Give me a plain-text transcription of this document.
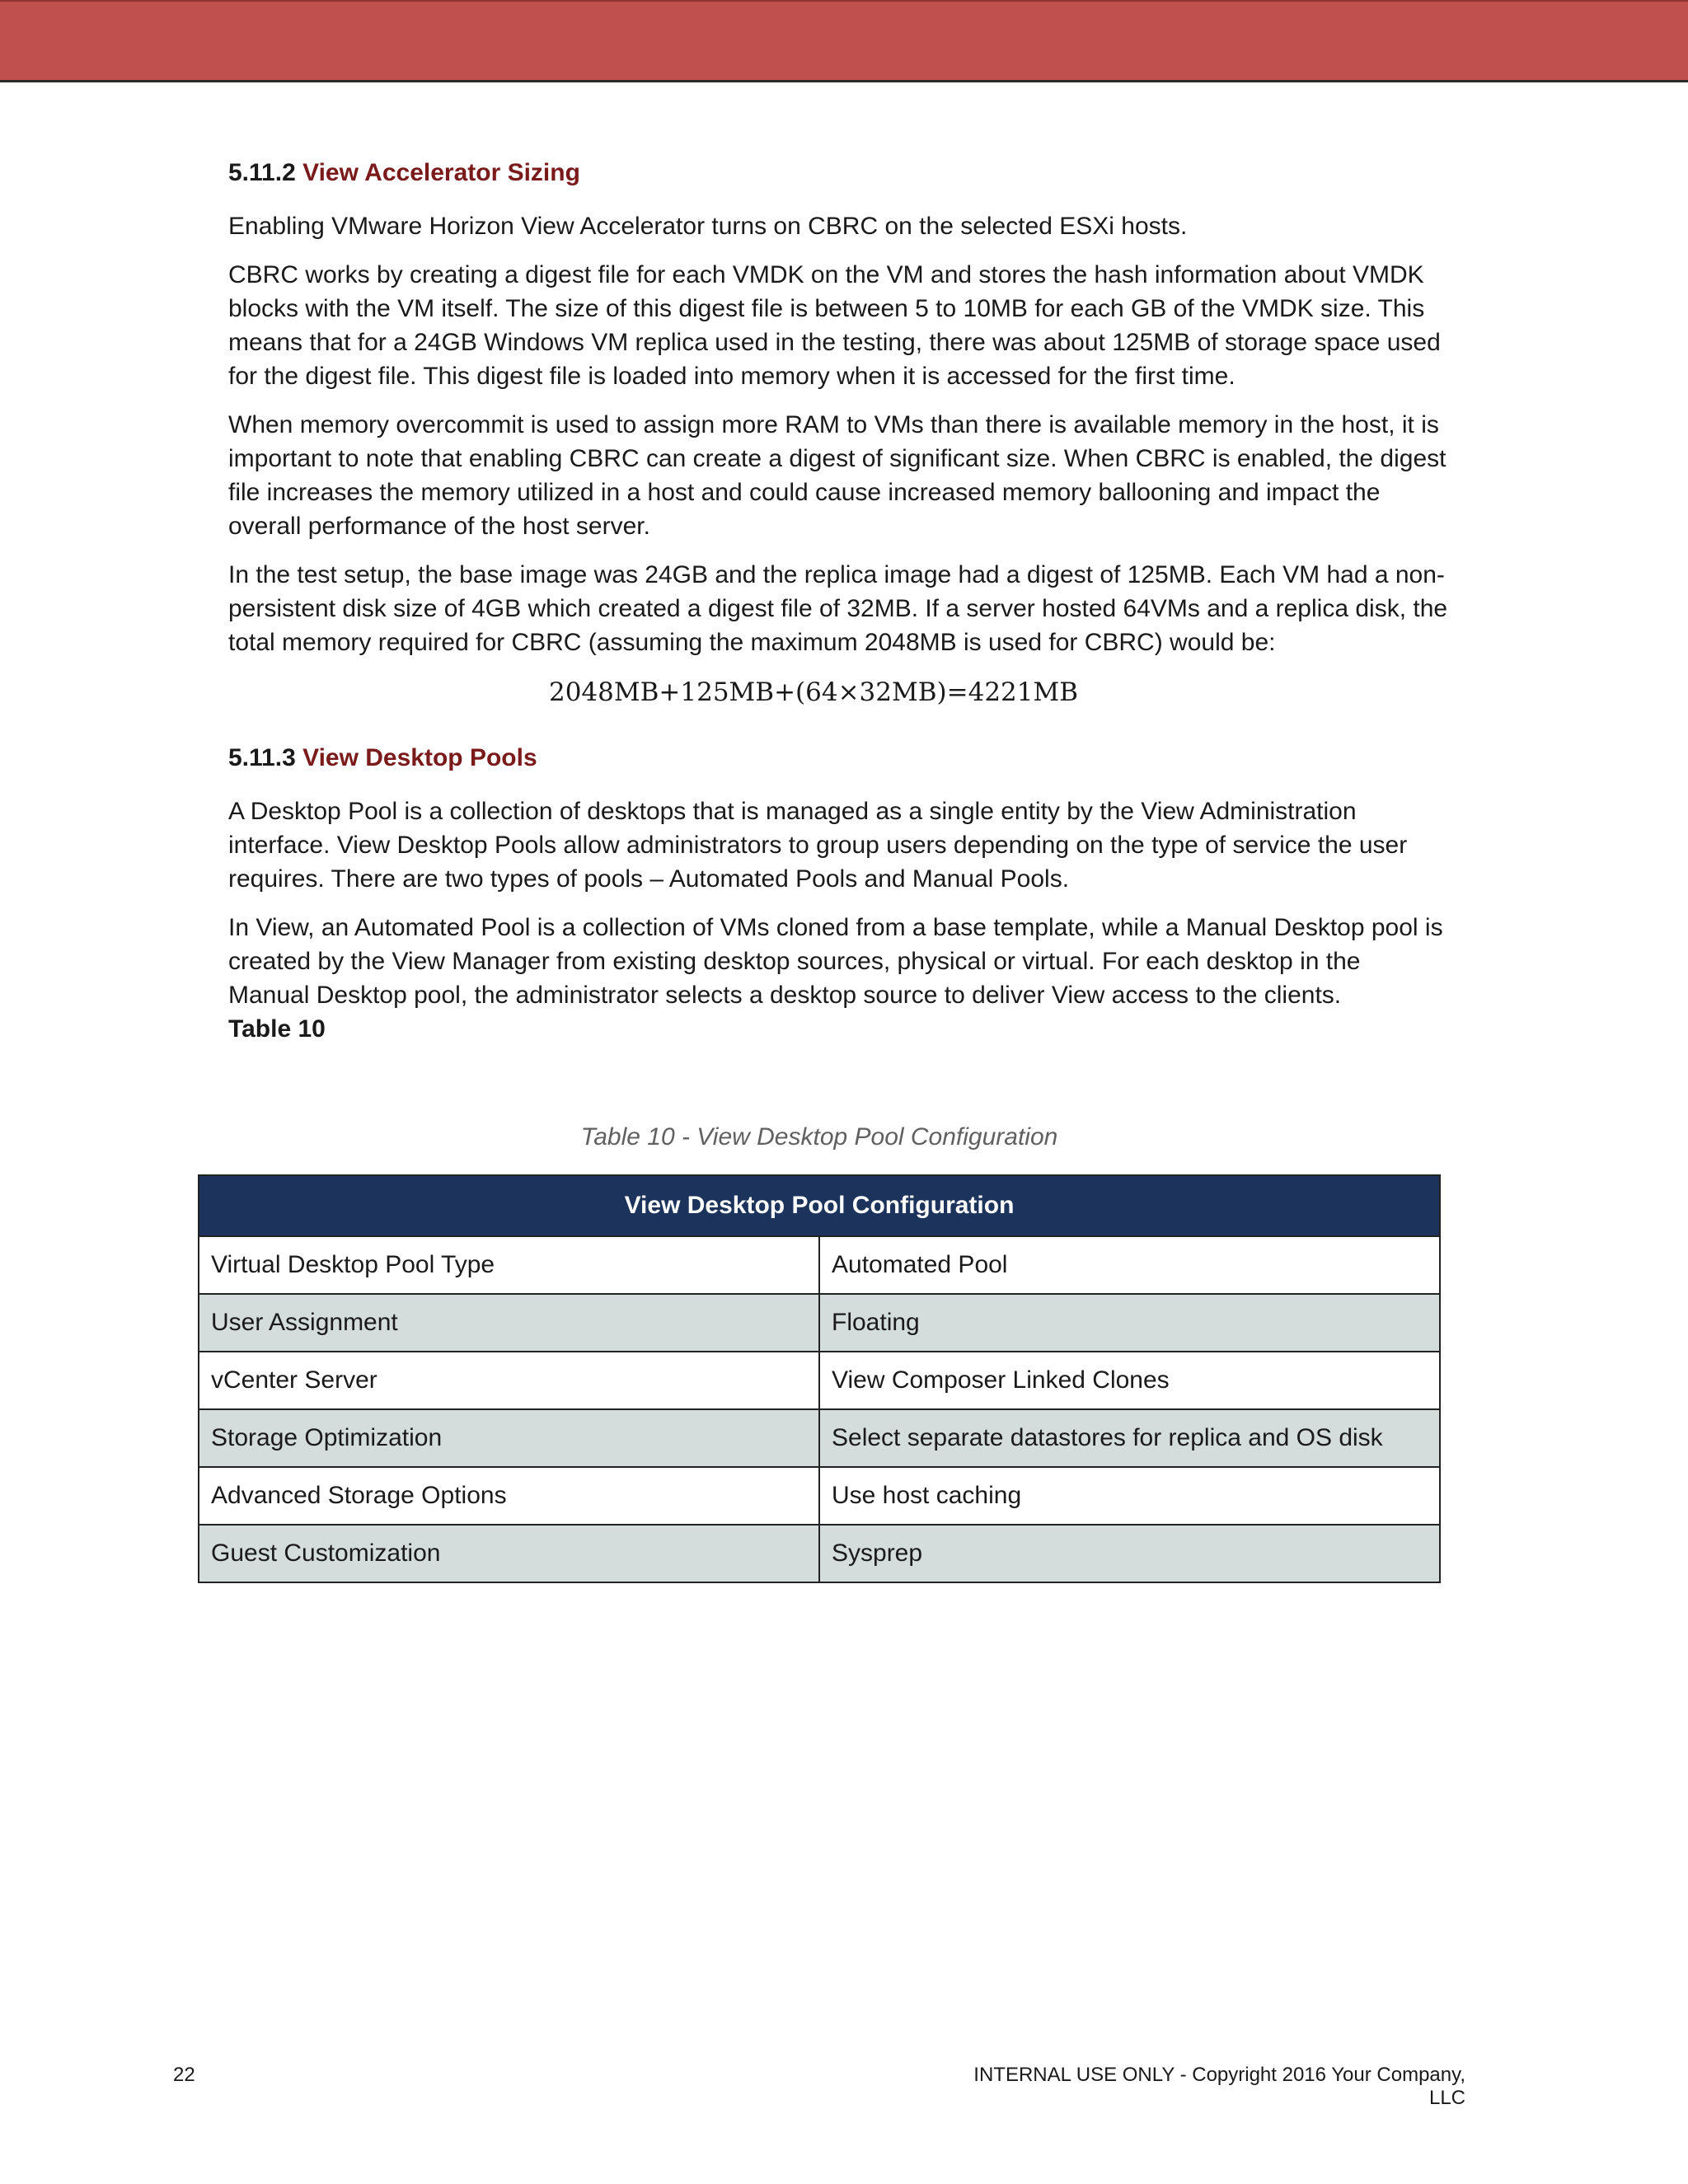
5.11.2 View Accelerator Sizing

Enabling VMware Horizon View Accelerator turns on CBRC on the selected ESXi hosts.

CBRC works by creating a digest file for each VMDK on the VM and stores the hash information about VMDK blocks with the VM itself. The size of this digest file is between 5 to 10MB for each GB of the VMDK size. This means that for a 24GB Windows VM replica used in the testing, there was about 125MB of storage space used for the digest file. This digest file is loaded into memory when it is accessed for the first time.

When memory overcommit is used to assign more RAM to VMs than there is available memory in the host, it is important to note that enabling CBRC can create a digest of significant size. When CBRC is enabled, the digest file increases the memory utilized in a host and could cause increased memory ballooning and impact the overall performance of the host server.

In the test setup, the base image was 24GB and the replica image had a digest of 125MB. Each VM had a non-persistent disk size of 4GB which created a digest file of 32MB. If a server hosted 64VMs and a replica disk, the total memory required for CBRC (assuming the maximum 2048MB is used for CBRC) would be:

2048MB+125MB+(64×32MB)=4221MB
5.11.3 View Desktop Pools

A Desktop Pool is a collection of desktops that is managed as a single entity by the View Administration interface. View Desktop Pools allow administrators to group users depending on the type of service the user requires. There are two types of pools – Automated Pools and Manual Pools.

In View, an Automated Pool is a collection of VMs cloned from a base template, while a Manual Desktop pool is created by the View Manager from existing desktop sources, physical or virtual. For each desktop in the Manual Desktop pool, the administrator selects a desktop source to deliver View access to the clients.

Table 10
Table 10 - View Desktop Pool Configuration
View Desktop Pool Configuration	
Virtual Desktop Pool Type	Automated Pool
User Assignment	Floating
vCenter Server	View Composer Linked Clones
Storage Optimization	Select separate datastores for replica and OS disk
Advanced Storage Options	Use host caching
Guest Customization	Sysprep
22	INTERNAL USE ONLY - Copyright 2016 Your Company, LLC
